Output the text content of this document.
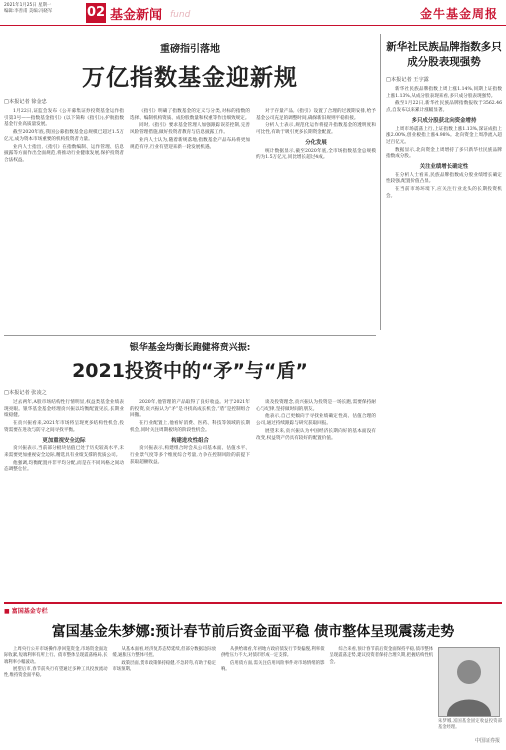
2021年1月25日 星期一
编辑:李善甫 美编:冯晓军	02 基金新闻 fund	金牛基金周报
重磅指引落地
万亿指数基金迎新规
□本报记者 徐金忠

1月22日,证监会发布《公开募集证券投资基金运作指引第3号——指数基金指引》(以下简称《指引》),护航指数基金行业高质量发展。

截至2020年底,我国公募指数基金总规模已超过1.5万亿元,成为资本市场重要的机构投资者力量。

业内人士指出,《指引》在指数编制、运作管理、信息披露等方面作出全面规范,将推动行业健康发展,保护投资者合法权益。

《指引》明确了指数基金的定义与分类,对标的指数的选择、编制机构资质、成份股数量和权重等作出细致规定。

同时,《指引》要求基金管理人加强跟踪误差控制,完善风险管理措施,做好投资者教育与信息披露工作。

业内人士认为,随着新规落地,指数基金产品布局将更加规范有序,行业有望迎来新一轮发展机遇。

对于存量产品,《指引》设置了合理的过渡期安排,给予基金公司充足的调整时间,确保新旧规则平稳衔接。

分析人士表示,规范化运作将提升指数基金的透明度和可比性,有助于吸引更多长期资金配置。

分化发展

统计数据显示,截至2020年底,全市场指数基金总规模约为1.5万亿元,同比增长超过4成。

新华社民族品牌指数多只成分股表现强势
□本报记者 王宇露

新华社民族品牌指数上周上涨1.14%,同期上证指数上涨1.13%,从成分股表现来看,多只成分股表现强势。

截至1月22日,新华社民族品牌指数报收于3562.46点,自发布以来累计涨幅显著。

多只成分股获北向资金增持

上周市场震荡上行,上证指数上涨1.13%,深证成指上涨2.00%,创业板指上涨4.98%。北向资金上周净流入超过百亿元。

数据显示,北向资金上周增持了多只新华社民族品牌指数成分股。

关注业绩增长确定性

在分析人士看来,民族品牌指数成分股业绩增长确定性较强,配置价值凸显。

在当前市场环境下,应关注行业龙头的长期投资机会。

银华基金均衡长跑健将贲兴振:
2021投资中的“矛”与“盾”
□本报记者 张凌之

过去两年,A股市场结构性行情明显,权益类基金业绩表现亮眼。银华基金基金经理贲兴振以均衡配置见长,长期业绩稳健。

在贲兴振看来,2021年市场将呈现更多结构性机会,投资需要在进攻与防守之间寻找平衡。

更加重视安全边际

贲兴振表示,当前部分板块估值已处于历史较高水平,未来需要更加重视安全边际,精选具有业绩支撑的优质公司。

他强调,均衡配置并非平均分配,而是在不同风格之间动态调整仓位。

2020年,他管理的产品取得了良好收益。对于2021年的投资,贲兴振认为“矛”是寻找高成长机会,“盾”是控制组合回撤。

在行业配置上,他看好消费、医药、科技等领域的长期机会,同时关注周期板块的阶段性机会。

构建进攻性组合

贲兴振表示,构建组合时会从公司基本面、估值水平、行业景气度等多个维度综合考量,力争在控制风险的前提下获取超额收益。

谈及投资理念,贲兴振认为投资是一场长跑,需要保持耐心与纪律,坚持做时间的朋友。

他表示,自己更倾向于寻找业绩确定性高、估值合理的公司,通过持续跟踪与研究获取回报。

展望未来,贲兴振认为中国经济长期向好的基本面没有改变,权益资产仍具有较好的配置价值。

■ 富国基金专栏
富国基金朱梦娜:预计春节前后资金面平稳 债市整体呈现震荡走势

上周央行公开市场操作净回笼资金,市场资金面边际收紧,短端利率有所上行。债市整体呈现震荡格局,长端利率小幅波动。

展望后市,春节前央行有望通过多种工具投放流动性,维持资金面平稳。

从基本面看,经济复苏态势延续,但部分数据边际放缓,通胀压力整体可控。

政策层面,货币政策保持稳健,不急转弯,有助于稳定市场预期。

从供给端看,年初地方政府债发行节奏偏慢,利率债供给压力不大,对债市形成一定支撑。

信用债方面,需关注信用风险事件对市场情绪的影响。

综合来看,预计春节前后资金面保持平稳,债市整体呈现震荡走势,建议投资者保持合理久期,把握结构性机会。

朱梦娜,富国基金固定收益投资部基金经理。
中国证券报
